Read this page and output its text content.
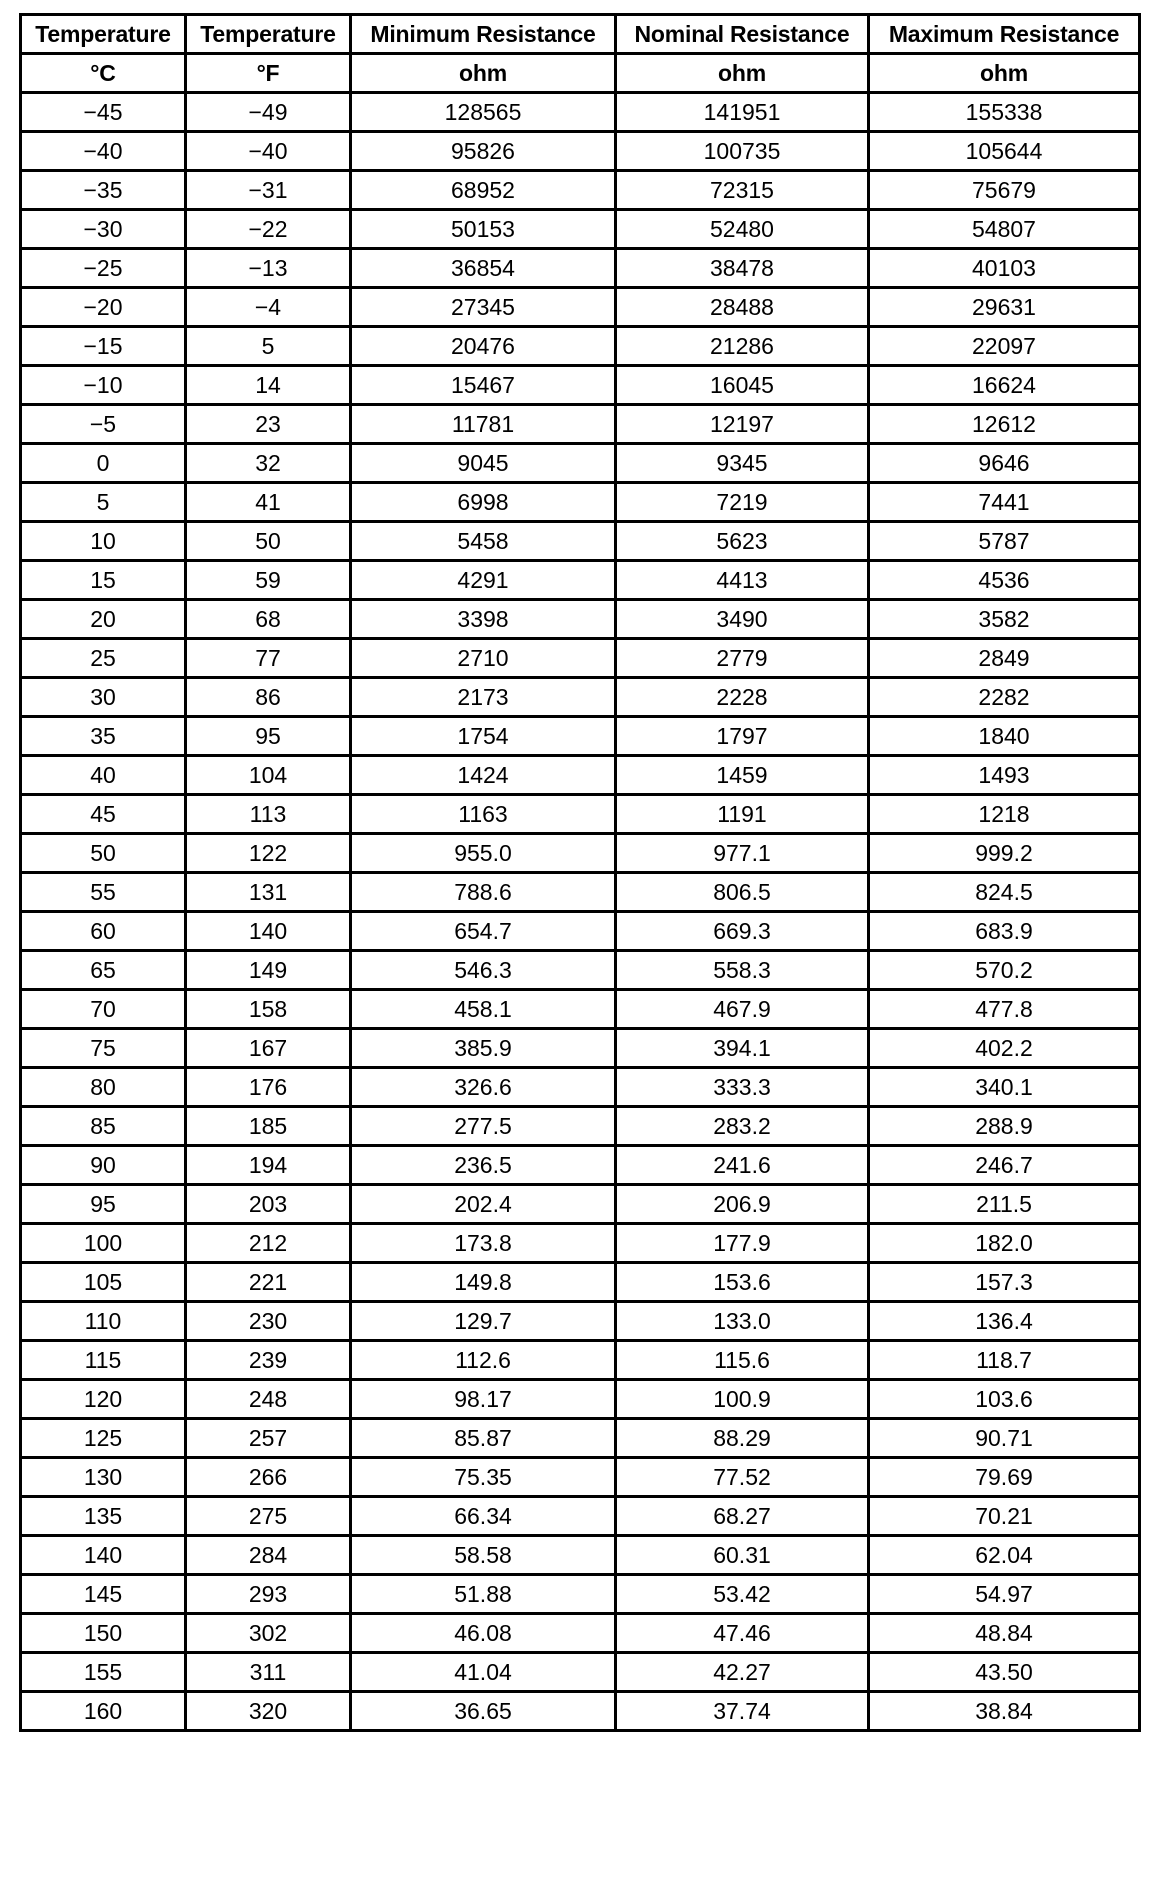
Temperature	Temperature	Minimum Resistance	Nominal Resistance	Maximum Resistance
°C	°F	ohm	ohm	ohm
−45	−49	128565	141951	155338
−40	−40	95826	100735	105644
−35	−31	68952	72315	75679
−30	−22	50153	52480	54807
−25	−13	36854	38478	40103
−20	−4	27345	28488	29631
−15	5	20476	21286	22097
−10	14	15467	16045	16624
−5	23	11781	12197	12612
0	32	9045	9345	9646
5	41	6998	7219	7441
10	50	5458	5623	5787
15	59	4291	4413	4536
20	68	3398	3490	3582
25	77	2710	2779	2849
30	86	2173	2228	2282
35	95	1754	1797	1840
40	104	1424	1459	1493
45	113	1163	1191	1218
50	122	955.0	977.1	999.2
55	131	788.6	806.5	824.5
60	140	654.7	669.3	683.9
65	149	546.3	558.3	570.2
70	158	458.1	467.9	477.8
75	167	385.9	394.1	402.2
80	176	326.6	333.3	340.1
85	185	277.5	283.2	288.9
90	194	236.5	241.6	246.7
95	203	202.4	206.9	211.5
100	212	173.8	177.9	182.0
105	221	149.8	153.6	157.3
110	230	129.7	133.0	136.4
115	239	112.6	115.6	118.7
120	248	98.17	100.9	103.6
125	257	85.87	88.29	90.71
130	266	75.35	77.52	79.69
135	275	66.34	68.27	70.21
140	284	58.58	60.31	62.04
145	293	51.88	53.42	54.97
150	302	46.08	47.46	48.84
155	311	41.04	42.27	43.50
160	320	36.65	37.74	38.84
